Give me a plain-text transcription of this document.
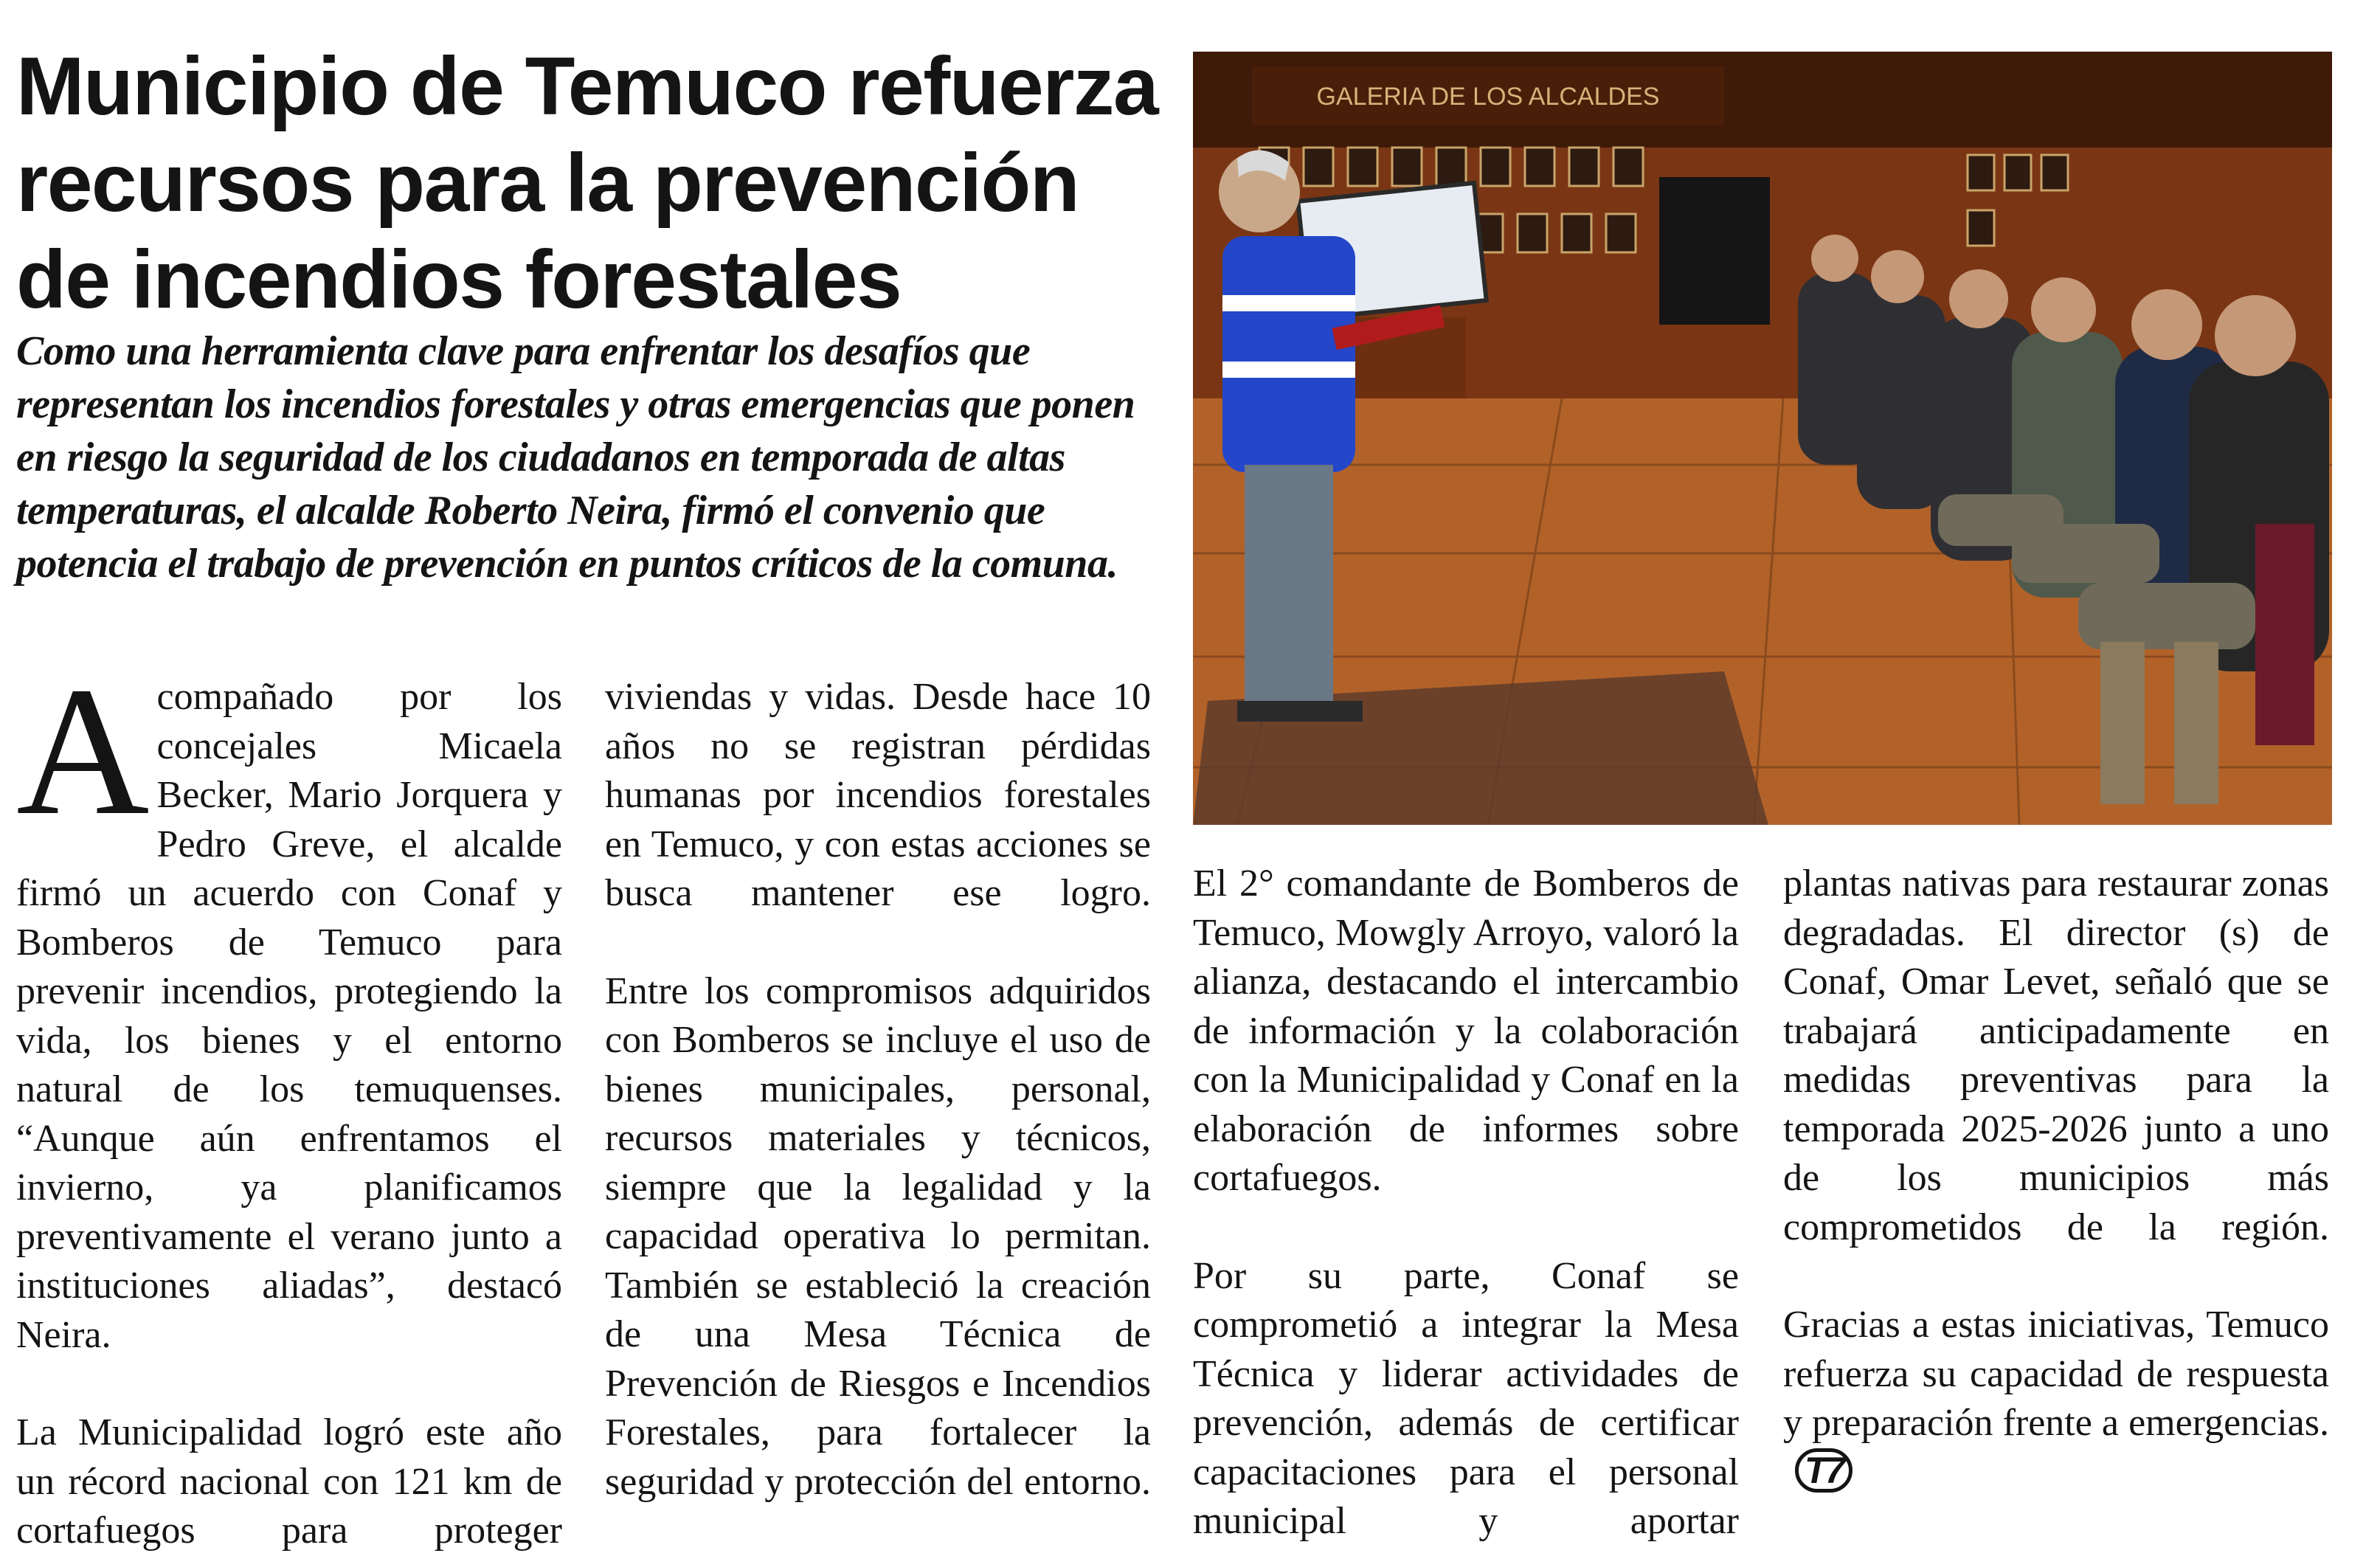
Municipio de Temuco refuerza recursos para la prevención de incendios forestales

Como una herramienta clave para enfrentar los desafíos que representan los incendios forestales y otras emergencias que ponen en riesgo la seguridad de los ciudadanos en temporada de altas temperaturas, el alcalde Roberto Neira, firmó el convenio que potencia el trabajo de prevención en puntos críticos de la comuna.

A compañado por los concejales Micaela Becker, Mario Jorquera y Pedro Greve, el alcalde firmó un acuerdo con Conaf y Bomberos de Temuco para prevenir incendios, protegiendo la vida, los bienes y el entorno natural de los temuquenses. “Aunque aún enfrentamos el invierno, ya planificamos preventivamente el verano junto a instituciones aliadas”, destacó Neira.

La Municipalidad logró este año un récord nacional con 121 km de cortafuegos para proteger

viviendas y vidas. Desde hace 10 años no se registran pérdidas humanas por incendios forestales en Temuco, y con estas acciones se busca mantener ese logro.

Entre los compromisos adquiridos con Bomberos se incluye el uso de bienes municipales, personal, recursos materiales y técnicos, siempre que la legalidad y la capacidad operativa lo permitan. También se estableció la creación de una Mesa Técnica de Prevención de Riesgos e Incendios Forestales, para fortalecer la seguridad y protección del entorno.

GALERIA DE LOS ALCALDES

El 2° comandante de Bomberos de Temuco, Mowgly Arroyo, valoró la alianza, destacando el intercambio de información y la colaboración con la Municipalidad y Conaf en la elaboración de informes sobre cortafuegos.

Por su parte, Conaf se comprometió a integrar la Mesa Técnica y liderar actividades de prevención, además de certificar capacitaciones para el personal municipal y aportar

plantas nativas para restaurar zonas degradadas. El director (s) de Conaf, Omar Levet, señaló que se trabajará anticipadamente en medidas preventivas para la temporada 2025-2026 junto a uno de los municipios más comprometidos de la región.

Gracias a estas iniciativas, Temuco refuerza su capacidad de respuesta y preparación frente a emergencias.T7
